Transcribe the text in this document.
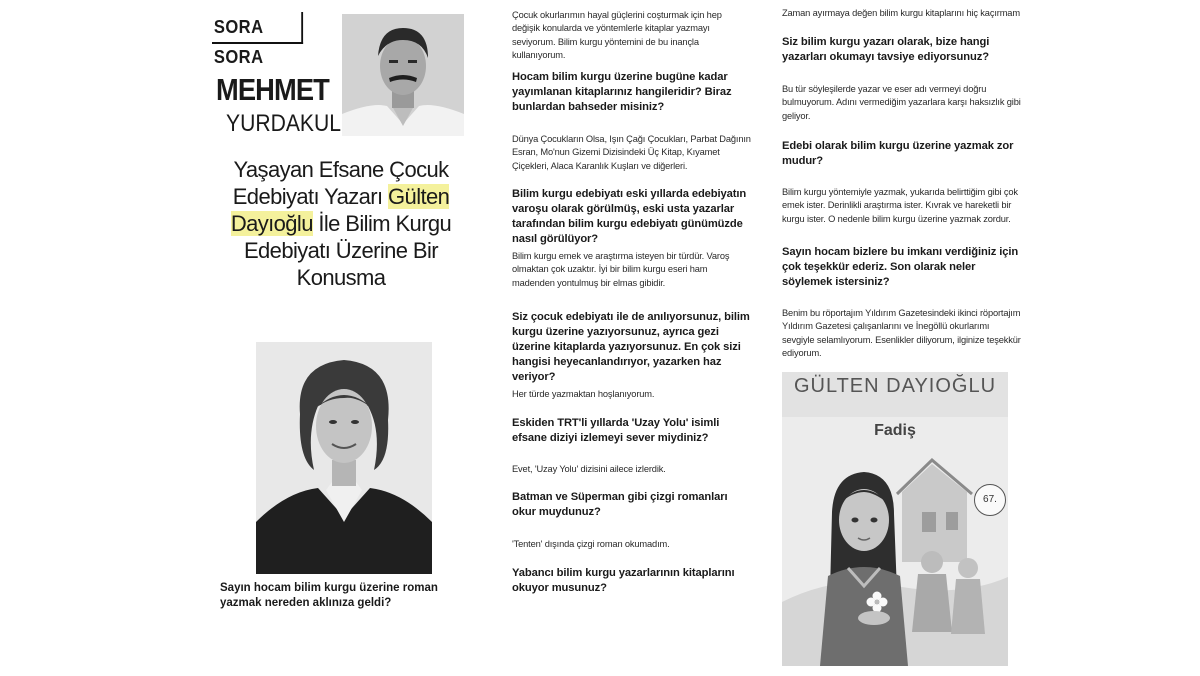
SORA SORA
MEHMET
YURDAKUL
Yaşayan Efsane Çocuk Edebiyatı Yazarı Gülten Dayıoğlu İle Bilim Kurgu Edebiyatı Üzerine Bir Konusma
Sayın hocam bilim kurgu üzerine roman yazmak nereden aklınıza geldi?
Çocuk okurlarımın hayal güçlerini coşturmak için hep değişik konularda ve yöntemlerle kitaplar yazmayı seviyorum. Bilim kurgu yöntemini de bu inançla kullanıyorum.
Hocam bilim kurgu üzerine bugüne kadar yayımlanan kitaplarınız hangileridir? Biraz bunlardan bahseder misiniz?
Dünya Çocukların Olsa, Işın Çağı Çocukları, Parbat Dağının Esran, Mo'nun Gizemi Dizisindeki Üç Kitap, Kıyamet Çiçekleri, Alaca Karanlık Kuşları ve diğerleri.
Bilim kurgu edebiyatı eski yıllarda edebiyatın varoşu olarak görülmüş, eski usta yazarlar tarafından bilim kurgu edebiyatı günümüzde nasıl görülüyor?
Bilim kurgu emek ve araştırma isteyen bir türdür. Varoş olmaktan çok uzaktır. İyi bir bilim kurgu eseri ham madenden yontulmuş bir elmas gibidir.
Siz çocuk edebiyatı ile de anılıyorsunuz, bilim kurgu üzerine yazıyorsunuz, ayrıca gezi üzerine kitaplarda yazıyorsunuz. En çok sizi hangisi heyecanlandırıyor, yazarken haz veriyor?
Her türde yazmaktan hoşlanıyorum.
Eskiden TRT'li yıllarda 'Uzay Yolu' isimli efsane diziyi izlemeyi sever miydiniz?
Evet, 'Uzay Yolu' dizisini ailece izlerdik.
Batman ve Süperman gibi çizgi romanları okur muydunuz?
'Tenten' dışında çizgi roman okumadım.
Yabancı bilim kurgu yazarlarının kitaplarını okuyor musunuz?
Zaman ayırmaya değen bilim kurgu kitaplarını hiç kaçırmam
Siz bilim kurgu yazarı olarak, bize hangi yazarları okumayı tavsiye ediyorsunuz?
Bu tür söyleşilerde yazar ve eser adı vermeyi doğru bulmuyorum. Adını vermediğim yazarlara karşı haksızlık gibi geliyor.
Edebi olarak bilim kurgu üzerine yazmak zor mudur?
Bilim kurgu yöntemiyle yazmak, yukarıda belirttiğim gibi çok emek ister. Derinlikli araştırma ister. Kıvrak ve hareketli bir kurgu ister. O nedenle bilim kurgu üzerine yazmak zordur.
Sayın hocam bizlere bu imkanı verdiğiniz için çok teşekkür ederiz. Son olarak neler söylemek istersiniz?
Benim bu röportajım Yıldırım Gazetesindeki ikinci röportajım Yıldırım Gazetesi çalışanlarını ve İnegöllü okurlarımı sevgiyle selamlıyorum. Esenlikler diliyorum, ilginize teşekkür ediyorum.
GÜLTEN DAYIOĞLU
Fadiş
67.
